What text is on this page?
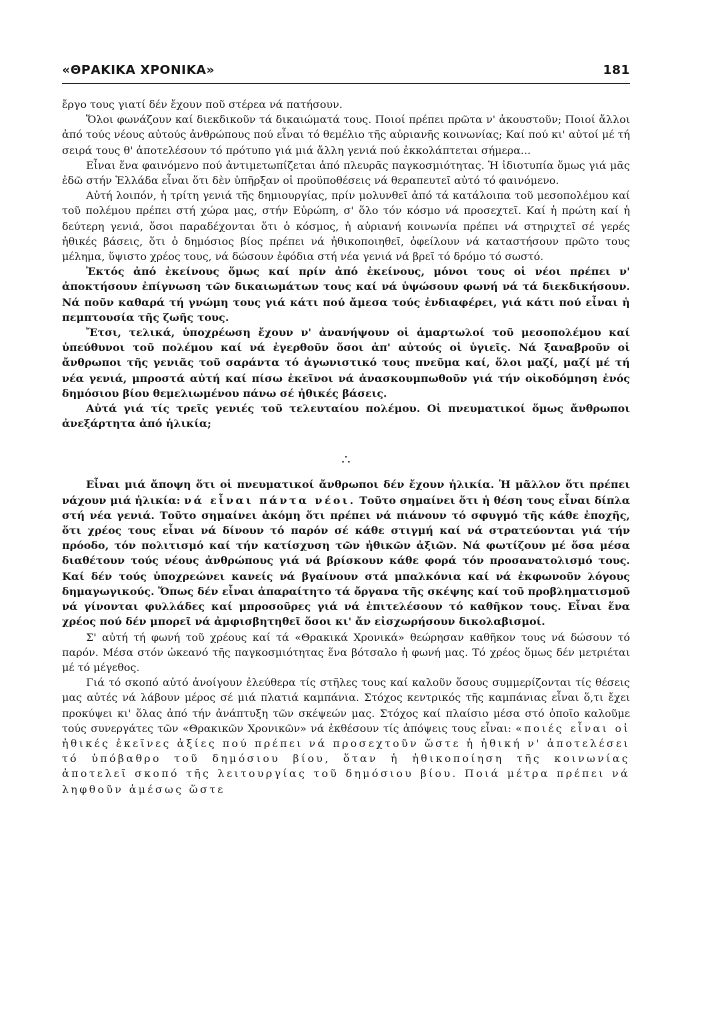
«ΘΡΑΚΙΚΑ ΧΡΟΝΙΚΑ»	181

ἔργο τους γιατί δέν ἔχουν ποῦ στέρεα νά πατήσουν.

Ὅλοι φωνάζουν καί διεκδικοῦν τά δικαιώματά τους. Ποιοί πρέπει πρῶτα ν' ἀκουστοῦν; Ποιοί ἄλλοι ἀπό τούς νέους αὐτούς ἀνθρώπους πού εἶναι τό θεμέλιο τῆς αὐριανῆς κοινωνίας; Καί πού κι' αὐτοί μέ τή σειρά τους θ' ἀποτελέσουν τό πρότυπο γιά μιά ἄλλη γενιά πού ἐκκολάπτεται σήμερα...

Εἶναι ἕνα φαινόμενο πού ἀντιμετωπίζεται ἀπό πλευρᾶς παγκοσμιότητας. Ἡ ἰδιοτυπία ὅμως γιά μᾶς ἐδῶ στήν Ἑλλάδα εἶναι ὅτι δὲν ὑπῆρξαν οἱ προϋποθέσεις νά θεραπευτεῖ αὐτό τό φαινόμενο.

Αὐτή λοιπόν, ἡ τρίτη γενιά τῆς δημιουργίας, πρίν μολυνθεῖ ἀπό τά κατάλοιπα τοῦ μεσοπολέμου καί τοῦ πολέμου πρέπει στή χώρα μας, στήν Εὐρώπη, σ' ὅλο τόν κόσμο νά προσεχτεῖ. Καί ἡ πρώτη καί ἡ δεύτερη γενιά, ὅσοι παραδέχονται ὅτι ὁ κόσμος, ἡ αὐριανή κοινωνία πρέπει νά στηριχτεῖ σέ γερές ἠθικές βάσεις, ὅτι ὁ δημόσιος βίος πρέπει νά ἠθικοποιηθεῖ, ὀφείλουν νά καταστήσουν πρῶτο τους μέλημα, ὕψιστο χρέος τους, νά δώσουν ἐφόδια στή νέα γενιά νά βρεῖ τό δρόμο τό σωστό.

Ἐκτός ἀπό ἐκείνους ὅμως καί πρίν ἀπό ἐκείνους, μόνοι τους οἱ νέοι πρέπει ν' ἀποκτήσουν ἐπίγνωση τῶν δικαιωμάτων τους καί νά ὑψώσουν φωνή νά τά διεκδικήσουν. Νά ποῦν καθαρά τή γνώμη τους γιά κάτι πού ἄμεσα τούς ἐνδιαφέρει, γιά κάτι πού εἶναι ἡ πεμπτουσία τῆς ζωῆς τους.

Ἔτσι, τελικά, ὑποχρέωση ἔχουν ν' ἀνανήψουν οἱ ἁμαρτωλοί τοῦ μεσοπολέμου καί ὑπεύθυνοι τοῦ πολέμου καί νά ἐγερθοῦν ὅσοι ἀπ' αὐτούς οἱ ὑγιεῖς. Νά ξαναβροῦν οἱ ἄνθρωποι τῆς γενιᾶς τοῦ σαράντα τό ἀγωνιστικό τους πνεῦμα καί, ὅλοι μαζί, μαζί μέ τή νέα γενιά, μπροστά αὐτή καί πίσω ἐκεῖνοι νά ἀνασκουμπωθοῦν γιά τήν οἰκοδόμηση ἑνός δημόσιου βίου θεμελιωμένου πάνω σέ ἠθικές βάσεις.

Αὐτά γιά τίς τρεῖς γενιές τοῦ τελευταίου πολέμου. Οἱ πνευματικοί ὅμως ἄνθρωποι ἀνεξάρτητα ἀπό ἡλικία;

∴

Εἶναι μιά ἄποψη ὅτι οἱ πνευματικοί ἄνθρωποι δέν ἔχουν ἡλικία. Ἡ μᾶλλον ὅτι πρέπει νάχουν μιά ἡλικία: νά εἶναι πάντα νέοι. Τοῦτο σημαίνει ὅτι ἡ θέση τους εἶναι δίπλα στή νέα γενιά. Τοῦτο σημαίνει ἀκόμη ὅτι πρέπει νά πιάνουν τό σφυγμό τῆς κάθε ἐποχῆς, ὅτι χρέος τους εἶναι νά δίνουν τό παρόν σέ κάθε στιγμή καί νά στρατεύονται γιά τήν πρόοδο, τόν πολιτισμό καί τήν κατίσχυση τῶν ἠθικῶν ἀξιῶν. Νά φωτίζουν μέ ὅσα μέσα διαθέτουν τούς νέους ἀνθρώπους γιά νά βρίσκουν κάθε φορά τόν προσανατολισμό τους. Καί δέν τούς ὑποχρεώνει κανείς νά βγαίνουν στά μπαλκόνια καί νά ἐκφωνοῦν λόγους δημαγωγικούς. Ὅπως δέν εἶναι ἀπαραίτητο τά ὄργανα τῆς σκέψης καί τοῦ προβληματισμοῦ νά γίνονται φυλλάδες καί μπροσοῦρες γιά νά ἐπιτελέσουν τό καθῆκον τους. Εἶναι ἕνα χρέος πού δέν μπορεῖ νά ἀμφισβητηθεῖ ὅσοι κι' ἄν εἰσχωρήσουν δικολαβισμοί.

Σ' αὐτή τή φωνή τοῦ χρέους καί τά «Θρακικά Χρονικά» θεώρησαν καθῆκον τους νά δώσουν τό παρόν. Μέσα στόν ὠκεανό τῆς παγκοσμιότητας ἕνα βότσαλο ἡ φωνή μας. Τό χρέος ὅμως δέν μετριέται μέ τό μέγεθος.

Γιά τό σκοπό αὐτό ἀνοίγουν ἐλεύθερα τίς στῆλες τους καί καλοῦν ὅσους συμμερίζονται τίς θέσεις μας αὐτές νά λάβουν μέρος σέ μιά πλατιά καμπάνια. Στόχος κεντρικός τῆς καμπάνιας εἶναι ὅ,τι ἔχει προκύψει κι' ὅλας ἀπό τήν ἀνάπτυξη τῶν σκέψεών μας. Στόχος καί πλαίσιο μέσα στό ὁποῖο καλοῦμε τούς συνεργάτες τῶν «Θρακικῶν Χρονικῶν» νά ἐκθέσουν τίς ἀπόψεις τους εἶναι: «ποιές εἶναι οἱ ἠθικές ἐκεῖνες ἀξίες πού πρέπει νά προσεχτοῦν ὥστε ἡ ἠθική ν' ἀποτελέσει τό ὑπόβαθρο τοῦ δημόσιου βίου, ὅταν ἡ ἠθικοποίηση τῆς κοινωνίας ἀποτελεῖ σκοπό τῆς λειτουργίας τοῦ δημόσιου βίου. Ποιά μέτρα πρέπει νά ληφθοῦν ἀμέσως ὥστε
